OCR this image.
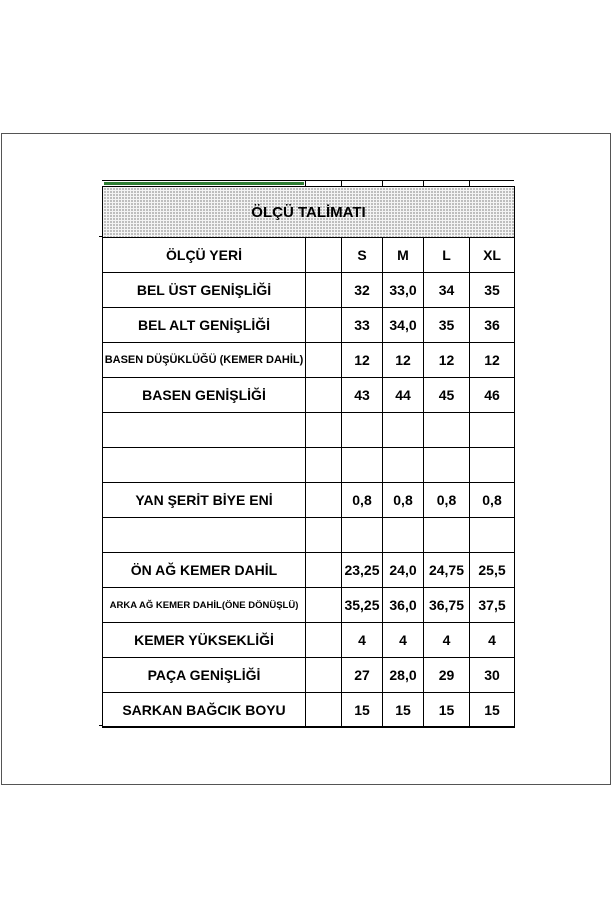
ÖLÇÜ TALİMATI					
ÖLÇÜ YERİ		S	M	L	XL
BEL ÜST GENİŞLİĞİ		32	33,0	34	35
BEL ALT GENİŞLİĞİ		33	34,0	35	36
BASEN DÜŞÜKLÜĞÜ (KEMER DAHİL)		12	12	12	12
BASEN GENİŞLİĞİ		43	44	45	46

YAN ŞERİT BİYE ENİ		0,8	0,8	0,8	0,8

ÖN AĞ KEMER DAHİL		23,25	24,0	24,75	25,5
ARKA AĞ KEMER DAHİL(ÖNE DÖNÜŞLÜ)		35,25	36,0	36,75	37,5
KEMER YÜKSEKLİĞİ		4	4	4	4
PAÇA GENİŞLİĞİ		27	28,0	29	30
SARKAN BAĞCIK BOYU		15	15	15	15
